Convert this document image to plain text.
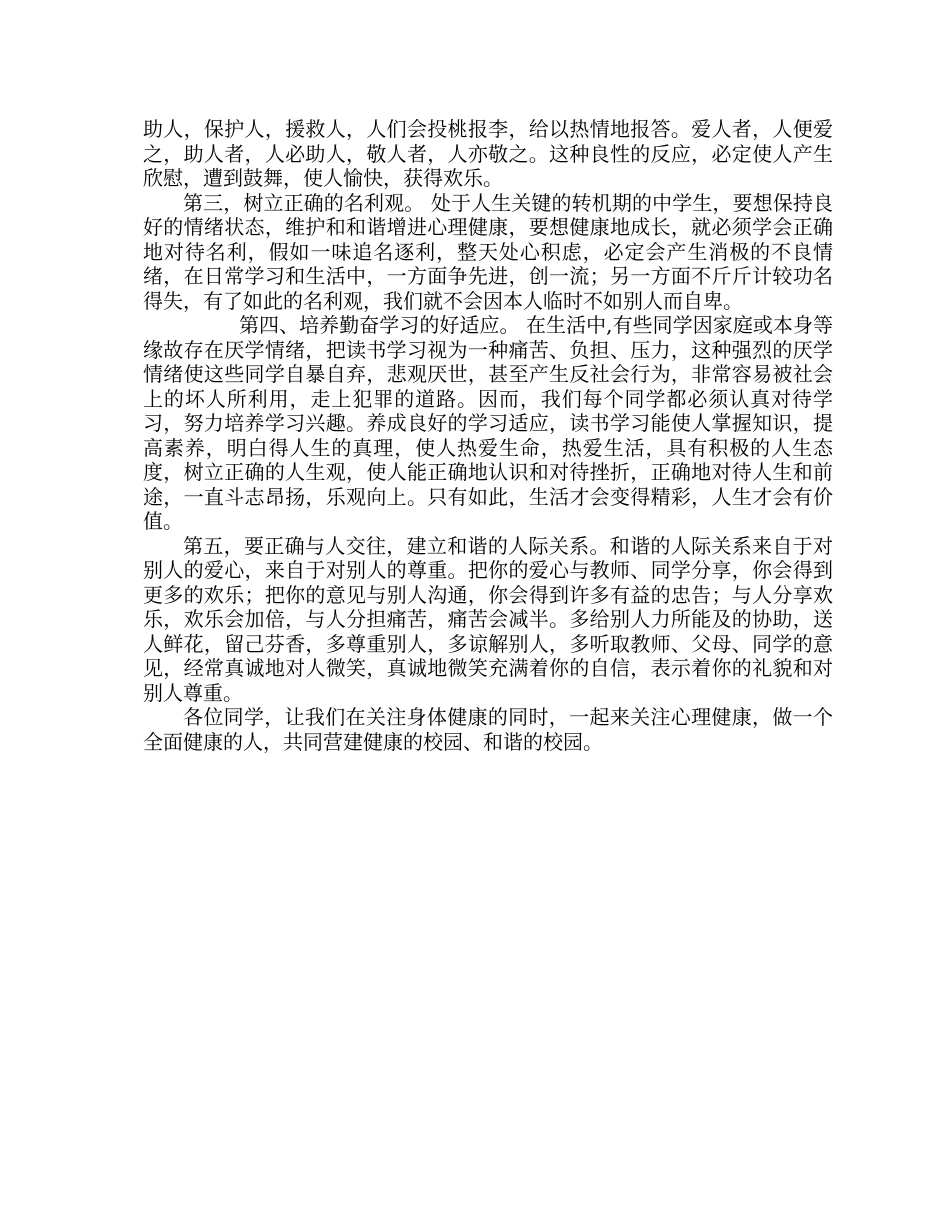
助人，保护人，援救人，人们会投桃报李，给以热情地报答。爱人者，人便爱之，助人者，人必助人，敬人者，人亦敬之。这种良性的反应，必定使人产生欣慰，遭到鼓舞，使人愉快，获得欢乐。

第三，树立正确的名利观。 处于人生关键的转机期的中学生，要想保持良好的情绪状态，维护和和谐增进心理健康，要想健康地成长，就必须学会正确地对待名利，假如一味追名逐利，整天处心积虑，必定会产生消极的不良情绪，在日常学习和生活中，一方面争先进，创一流；另一方面不斤斤计较功名得失，有了如此的名利观，我们就不会因本人临时不如别人而自卑。

第四、培养勤奋学习的好适应。 在生活中,有些同学因家庭或本身等缘故存在厌学情绪，把读书学习视为一种痛苦、负担、压力，这种强烈的厌学情绪使这些同学自暴自弃，悲观厌世，甚至产生反社会行为，非常容易被社会上的坏人所利用，走上犯罪的道路。因而，我们每个同学都必须认真对待学习，努力培养学习兴趣。养成良好的学习适应，读书学习能使人掌握知识，提高素养，明白得人生的真理，使人热爱生命，热爱生活，具有积极的人生态度，树立正确的人生观，使人能正确地认识和对待挫折，正确地对待人生和前途，一直斗志昂扬，乐观向上。只有如此，生活才会变得精彩，人生才会有价值。

第五，要正确与人交往，建立和谐的人际关系。和谐的人际关系来自于对别人的爱心，来自于对别人的尊重。把你的爱心与教师、同学分享，你会得到更多的欢乐；把你的意见与别人沟通，你会得到许多有益的忠告；与人分享欢乐，欢乐会加倍，与人分担痛苦，痛苦会减半。多给别人力所能及的协助，送人鲜花，留己芬香，多尊重别人，多谅解别人，多听取教师、父母、同学的意见，经常真诚地对人微笑，真诚地微笑充满着你的自信，表示着你的礼貌和对别人尊重。

各位同学，让我们在关注身体健康的同时，一起来关注心理健康，做一个全面健康的人，共同营建健康的校园、和谐的校园。
